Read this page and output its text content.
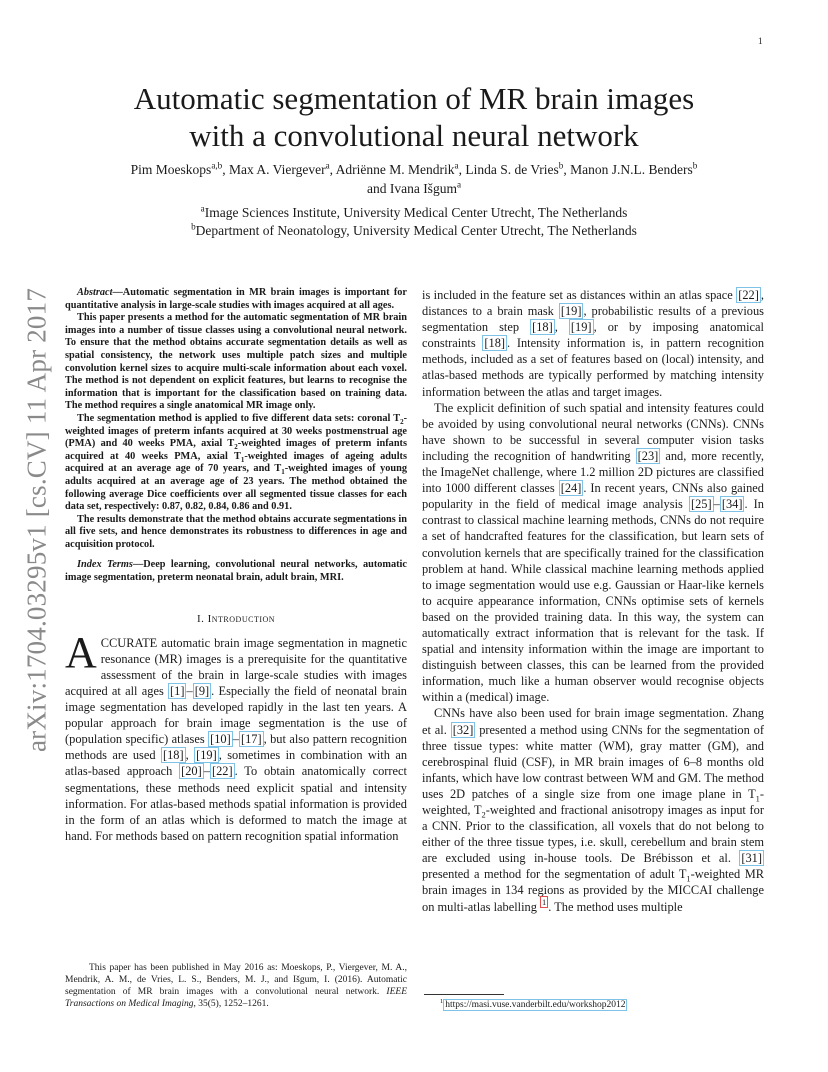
1
arXiv:1704.03295v1 [cs.CV] 11 Apr 2017
Automatic segmentation of MR brain images
with a convolutional neural network
Pim Moeskops$^{a,b}$, Max A. Viergever$^a$, Adriënne M. Mendrik$^a$, Linda S. de Vries$^b$, Manon J.N.L. Benders$^b$
and Ivana Išgum$^a$
$^a$Image Sciences Institute, University Medical Center Utrecht, The Netherlands
$^b$Department of Neonatology, University Medical Center Utrecht, The Netherlands

Abstract—Automatic segmentation in MR brain images is important for quantitative analysis in large-scale studies with images acquired at all ages.

This paper presents a method for the automatic segmentation of MR brain images into a number of tissue classes using a convolutional neural network. To ensure that the method obtains accurate segmentation details as well as spatial consistency, the network uses multiple patch sizes and multiple convolution kernel sizes to acquire multi-scale information about each voxel. The method is not dependent on explicit features, but learns to recognise the information that is important for the classification based on training data. The method requires a single anatomical MR image only.

The segmentation method is applied to five different data sets: coronal $T_2$-weighted images of preterm infants acquired at 30 weeks postmenstrual age (PMA) and 40 weeks PMA, axial $T_2$-weighted images of preterm infants acquired at 40 weeks PMA, axial $T_1$-weighted images of ageing adults acquired at an average age of 70 years, and $T_1$-weighted images of young adults acquired at an average age of 23 years. The method obtained the following average Dice coefficients over all segmented tissue classes for each data set, respectively: 0.87, 0.82, 0.84, 0.86 and 0.91.

The results demonstrate that the method obtains accurate segmentations in all five sets, and hence demonstrates its robustness to differences in age and acquisition protocol.

Index Terms—Deep learning, convolutional neural networks, automatic image segmentation, preterm neonatal brain, adult brain, MRI.

I. Introduction

ACCURATE automatic brain image segmentation in magnetic resonance (MR) images is a prerequisite for the quantitative assessment of the brain in large-scale studies with images acquired at all ages [1] – [9] . Especially the field of neonatal brain image segmentation has developed rapidly in the last ten years. A popular approach for brain image segmentation is the use of (population specific) atlases [10] – [17] , but also pattern recognition methods are used [18] , [19] , sometimes in combination with an atlas-based approach [20] – [22] . To obtain anatomically correct segmentations, these methods need explicit spatial and intensity information. For atlas-based methods spatial information is provided in the form of an atlas which is deformed to match the image at hand. For methods based on pattern recognition spatial information

This paper has been published in May 2016 as: Moeskops, P., Viergever, M. A., Mendrik, A. M., de Vries, L. S., Benders, M. J., and Išgum, I. (2016). Automatic segmentation of MR brain images with a convolutional neural network. IEEE Transactions on Medical Imaging, 35(5), 1252–1261.

is included in the feature set as distances within an atlas space [22] , distances to a brain mask [19] , probabilistic results of a previous segmentation step [18] , [19] , or by imposing anatomical constraints [18] . Intensity information is, in pattern recognition methods, included as a set of features based on (local) intensity, and atlas-based methods are typically performed by matching intensity information between the atlas and target images.

The explicit definition of such spatial and intensity features could be avoided by using convolutional neural networks (CNNs). CNNs have shown to be successful in several computer vision tasks including the recognition of handwriting [23] and, more recently, the ImageNet challenge, where 1.2 million 2D pictures are classified into 1000 different classes [24] . In recent years, CNNs also gained popularity in the field of medical image analysis [25] – [34] . In contrast to classical machine learning methods, CNNs do not require a set of handcrafted features for the classification, but learn sets of convolution kernels that are specifically trained for the classification problem at hand. While classical machine learning methods applied to image segmentation would use e.g. Gaussian or Haar-like kernels to acquire appearance information, CNNs optimise sets of kernels based on the provided training data. In this way, the system can automatically extract information that is relevant for the task. If spatial and intensity information within the image are important to distinguish between classes, this can be learned from the provided information, much like a human observer would recognise objects within a (medical) image.

CNNs have also been used for brain image segmentation. Zhang et al. [32] presented a method using CNNs for the segmentation of three tissue types: white matter (WM), gray matter (GM), and cerebrospinal fluid (CSF), in MR brain images of 6–8 months old infants, which have low contrast between WM and GM. The method uses 2D patches of a single size from one image plane in $T_1$-weighted, $T_2$-weighted and fractional anisotropy images as input for a CNN. Prior to the classification, all voxels that do not belong to either of the three tissue types, i.e. skull, cerebellum and brain stem are excluded using in-house tools. De Brébisson et al. [31] presented a method for the segmentation of adult $T_1$-weighted MR brain images in 134 regions as provided by the MICCAI challenge on multi-atlas labelling $^1$ . The method uses multiple

$^1$ https://masi.vuse.vanderbilt.edu/workshop2012
